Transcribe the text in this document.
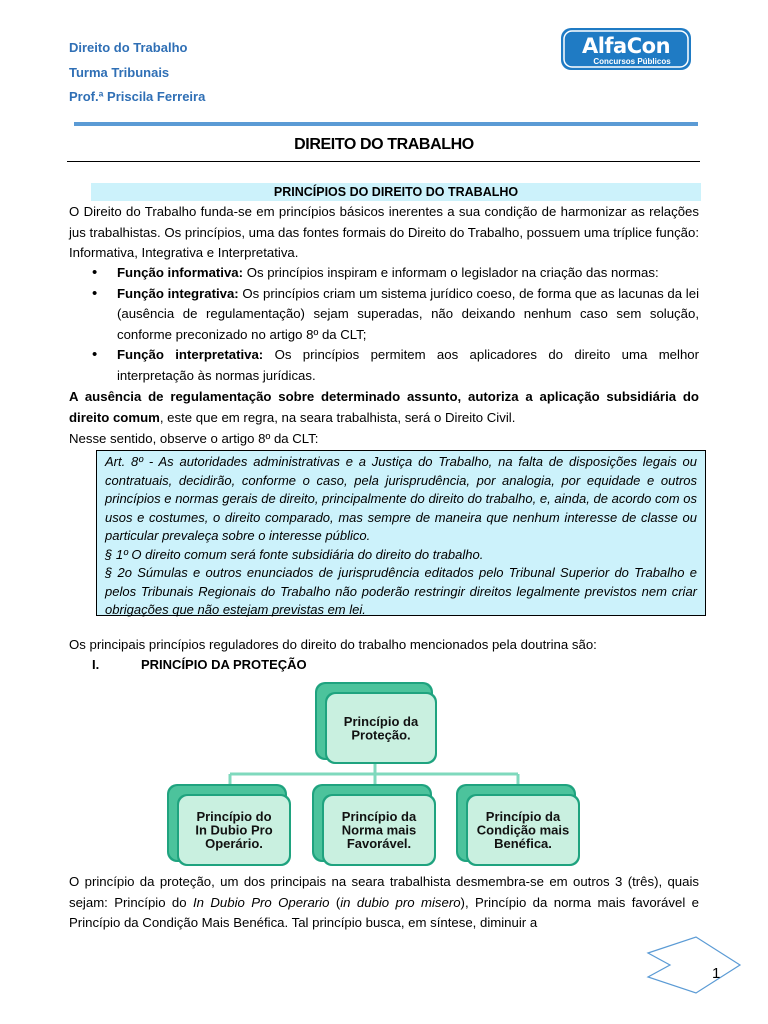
Direito do Trabalho
Turma Tribunais
Prof.ª Priscila Ferreira
AlfaCon
Concursos Públicos
DIREITO DO TRABALHO
PRINCÍPIOS DO DIREITO DO TRABALHO
O Direito do Trabalho funda-se em princípios básicos inerentes a sua condição de harmonizar as relações jus trabalhistas. Os princípios, uma das fontes formais do Direito do Trabalho, possuem uma tríplice função: Informativa, Integrativa e Interpretativa.
• Função informativa: Os princípios inspiram e informam o legislador na criação das normas:
• Função integrativa: Os princípios criam um sistema jurídico coeso, de forma que as lacunas da lei (ausência de regulamentação) sejam superadas, não deixando nenhum caso sem solução, conforme preconizado no artigo 8º da CLT;
• Função interpretativa: Os princípios permitem aos aplicadores do direito uma melhor interpretação às normas jurídicas.
A ausência de regulamentação sobre determinado assunto, autoriza a aplicação subsidiária do direito comum, este que em regra, na seara trabalhista, será o Direito Civil.
Nesse sentido, observe o artigo 8º da CLT:
Art. 8º - As autoridades administrativas e a Justiça do Trabalho, na falta de disposições legais ou contratuais, decidirão, conforme o caso, pela jurisprudência, por analogia, por equidade e outros princípios e normas gerais de direito, principalmente do direito do trabalho, e, ainda, de acordo com os usos e costumes, o direito comparado, mas sempre de maneira que nenhum interesse de classe ou particular prevaleça sobre o interesse público.
§ 1º O direito comum será fonte subsidiária do direito do trabalho.
§ 2o Súmulas e outros enunciados de jurisprudência editados pelo Tribunal Superior do Trabalho e pelos Tribunais Regionais do Trabalho não poderão restringir direitos legalmente previstos nem criar obrigações que não estejam previstas em lei.
Os principais princípios reguladores do direito do trabalho mencionados pela doutrina são:
I.	PRINCÍPIO DA PROTEÇÃO
Princípio da
Proteção.
Princípio do
In Dubio Pro
Operário.
Princípio da
Norma mais
Favorável.
Princípio da
Condição mais
Benéfica.
O princípio da proteção, um dos principais na seara trabalhista desmembra-se em outros 3 (três), quais sejam: Princípio do In Dubio Pro Operario (in dubio pro misero), Princípio da norma mais favorável e Princípio da Condição Mais Benéfica. Tal princípio busca, em síntese, diminuir a
1
